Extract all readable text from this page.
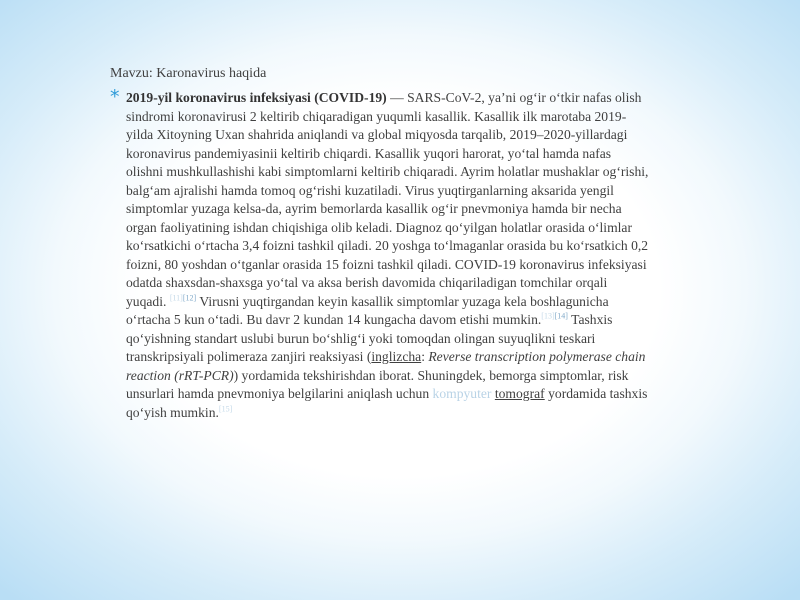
Mavzu: Karonavirus haqida
* 2019-yil koronavirus infeksiyasi (COVID-19) — SARS-CoV-2, ya’ni og‘ir o‘tkir nafas olish sindromi koronavirusi 2 keltirib chiqaradigan yuqumli kasallik. Kasallik ilk marotaba 2019-yilda Xitoyning Uxan shahrida aniqlandi va global miqyosda tarqalib, 2019–2020-yillardagi koronavirus pandemiyasinii keltirib chiqardi. Kasallik yuqori harorat, yo‘tal hamda nafas olishni mushkullashishi kabi simptomlarni keltirib chiqaradi. Ayrim holatlar mushaklar og‘rishi, balg‘am ajralishi hamda tomoq og‘rishi kuzatiladi. Virus yuqtirganlarning aksarida yengil simptomlar yuzaga kelsa-da, ayrim bemorlarda kasallik og‘ir pnevmoniya hamda bir necha organ faoliyatining ishdan chiqishiga olib keladi. Diagnoz qo‘yilgan holatlar orasida o‘limlar ko‘rsatkichi o‘rtacha 3,4 foizni tashkil qiladi. 20 yoshga to‘lmaganlar orasida bu ko‘rsatkich 0,2 foizni, 80 yoshdan o‘tganlar orasida 15 foizni tashkil qiladi. COVID-19 koronavirus infeksiyasi odatda shaxsdan-shaxsga yo‘tal va aksa berish davomida chiqariladigan tomchilar orqali yuqadi. [11][12] Virusni yuqtirgandan keyin kasallik simptomlar yuzaga kela boshlagunicha o‘rtacha 5 kun o‘tadi. Bu davr 2 kundan 14 kungacha davom etishi mumkin.[13][14] Tashxis qo‘yishning standart uslubi burun bo‘shlig‘i yoki tomoqdan olingan suyuqlikni teskari transkripsiyali polimeraza zanjiri reaksiyasi (inglizcha: Reverse transcription polymerase chain reaction (rRT-PCR)) yordamida tekshirishdan iborat. Shuningdek, bemorga simptomlar, risk unsurlari hamda pnevmoniya belgilarini aniqlash uchun kompyuter tomograf yordamida tashxis qo‘yish mumkin.[15]
